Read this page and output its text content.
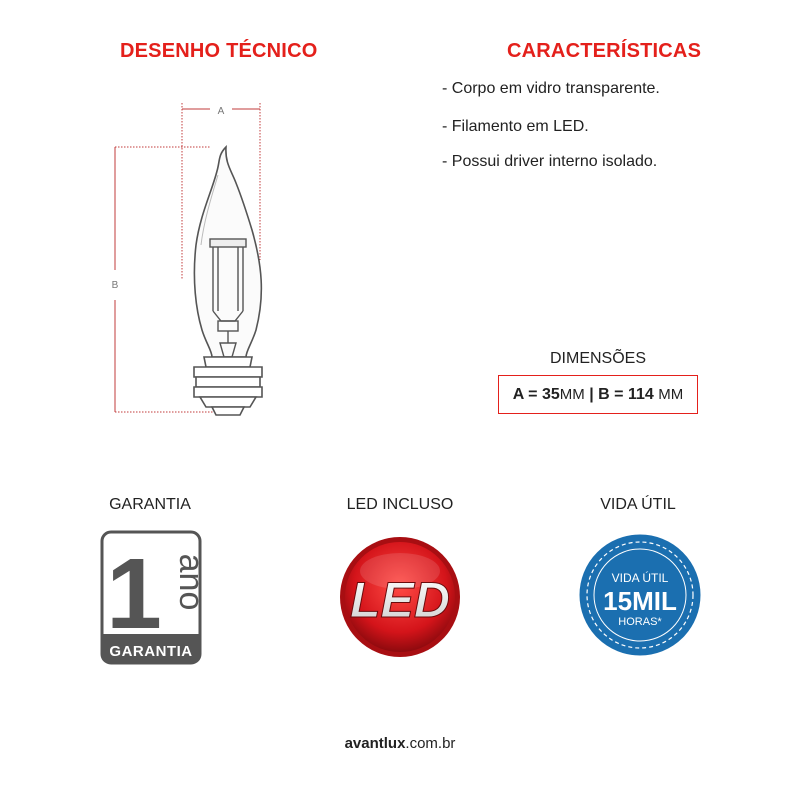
DESENHO TÉCNICO	CARACTERÍSTICAS
- Corpo em vidro transparente.
- Filamento em LED.
- Possui driver interno isolado.
A
B
DIMENSÕES
A =
35 MM
|
B =
114
MM
GARANTIA	LED INCLUSO	VIDA ÚTIL
1 ano
GARANTIA
LED	VIDA ÚTIL
15MIL
HORAS*
avantlux.com.br
